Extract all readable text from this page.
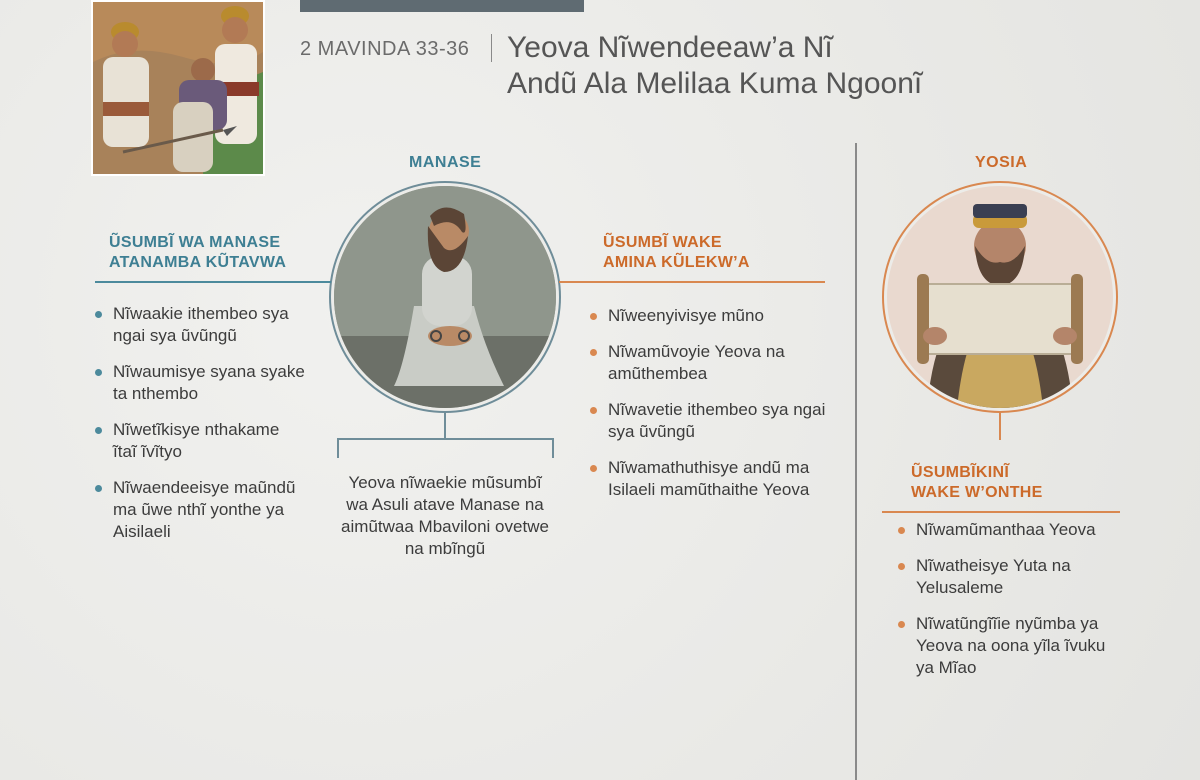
2 MAVINDA 33-36 Yeova Nĩwendeeaw’a Nĩ
Andũ Ala Melilaa Kuma Ngoonĩ
MANASE
ŨSUMBĨ WA MANASE
ATANAMBA KŨTAVWA
Nĩwaakie ithembeo sya ngai sya ũvũngũ
Nĩwaumisye syana syake ta nthembo
Nĩwetĩkisye nthakame ĩtaĩ ĩvĩtyo
Nĩwaendeeisye maũndũ ma ũwe nthĩ yonthe ya Aisilaeli
Yeova nĩwaekie mũsumbĩ wa Asuli atave Manase na aimũtwaa Mbaviloni ovetwe na mbĩngũ
ŨSUMBĨ WAKE
AMINA KŨLEKW’A
Nĩweenyivisye mũno
Nĩwamũvoyie Yeova na amũthembea
Nĩwavetie ithembeo sya ngai sya ũvũngũ
Nĩwamathuthisye andũ ma Isilaeli mamũthaithe Yeova
YOSIA
ŨSUMBĨKINĨ
WAKE W’ONTHE
Nĩwamũmanthaa Yeova
Nĩwatheisye Yuta na Yelusaleme
Nĩwatũngĩĩie nyũmba ya Yeova na oona yĩla ĩvuku ya Mĩao
